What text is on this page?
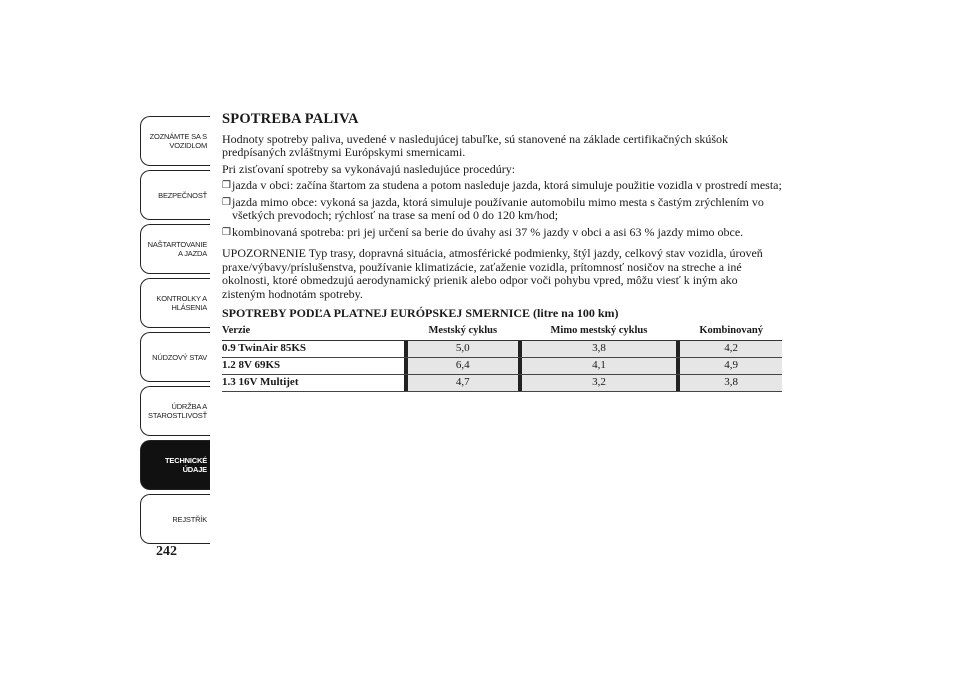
ZOZNÁMTE SA S
VOZIDLOM
BEZPEČNOSŤ
NAŠTARTOVANIE
A JAZDA
KONTROLKY A
HLÁSENIA
NÚDZOVÝ STAV
ÚDRŽBA A
STAROSTLIVOSŤ
TECHNICKÉ
ÚDAJE
REJSTŘÍK
242
SPOTREBA PALIVA

Hodnoty spotreby paliva, uvedené v nasledujúcej tabuľke, sú stanovené na základe certifikačných skúšok predpísaných zvláštnymi Európskymi smernicami.

Pri zisťovaní spotreby sa vykonávajú nasledujúce procedúry:

❒ jazda v obci: začína štartom za studena a potom nasleduje jazda, ktorá simuluje použitie vozidla v prostredí mesta;
❒ jazda mimo obce: vykoná sa jazda, ktorá simuluje používanie automobilu mimo mesta s častým zrýchlením vo všetkých prevodoch; rýchlosť na trase sa mení od 0 do 120 km/hod;
❒ kombinovaná spotreba: pri jej určení sa berie do úvahy asi 37 % jazdy v obci a asi 63 % jazdy mimo obce.

UPOZORNENIE Typ trasy, dopravná situácia, atmosférické podmienky, štýl jazdy, celkový stav vozidla, úroveň praxe/výbavy/príslušenstva, používanie klimatizácie, zaťaženie vozidla, prítomnosť nosičov na streche a iné okolnosti, ktoré obmedzujú aerodynamický prienik alebo odpor voči pohybu vpred, môžu viesť k iným ako zisteným hodnotám spotreby.

SPOTREBY PODĽA PLATNEJ EURÓPSKEJ SMERNICE (litre na 100 km)
Verzie		Mestský cyklus		Mimo mestský cyklus		Kombinovaný
0.9 TwinAir 85KS		5,0		3,8		4,2
1.2 8V 69KS		6,4		4,1		4,9
1.3 16V Multijet		4,7		3,2		3,8
